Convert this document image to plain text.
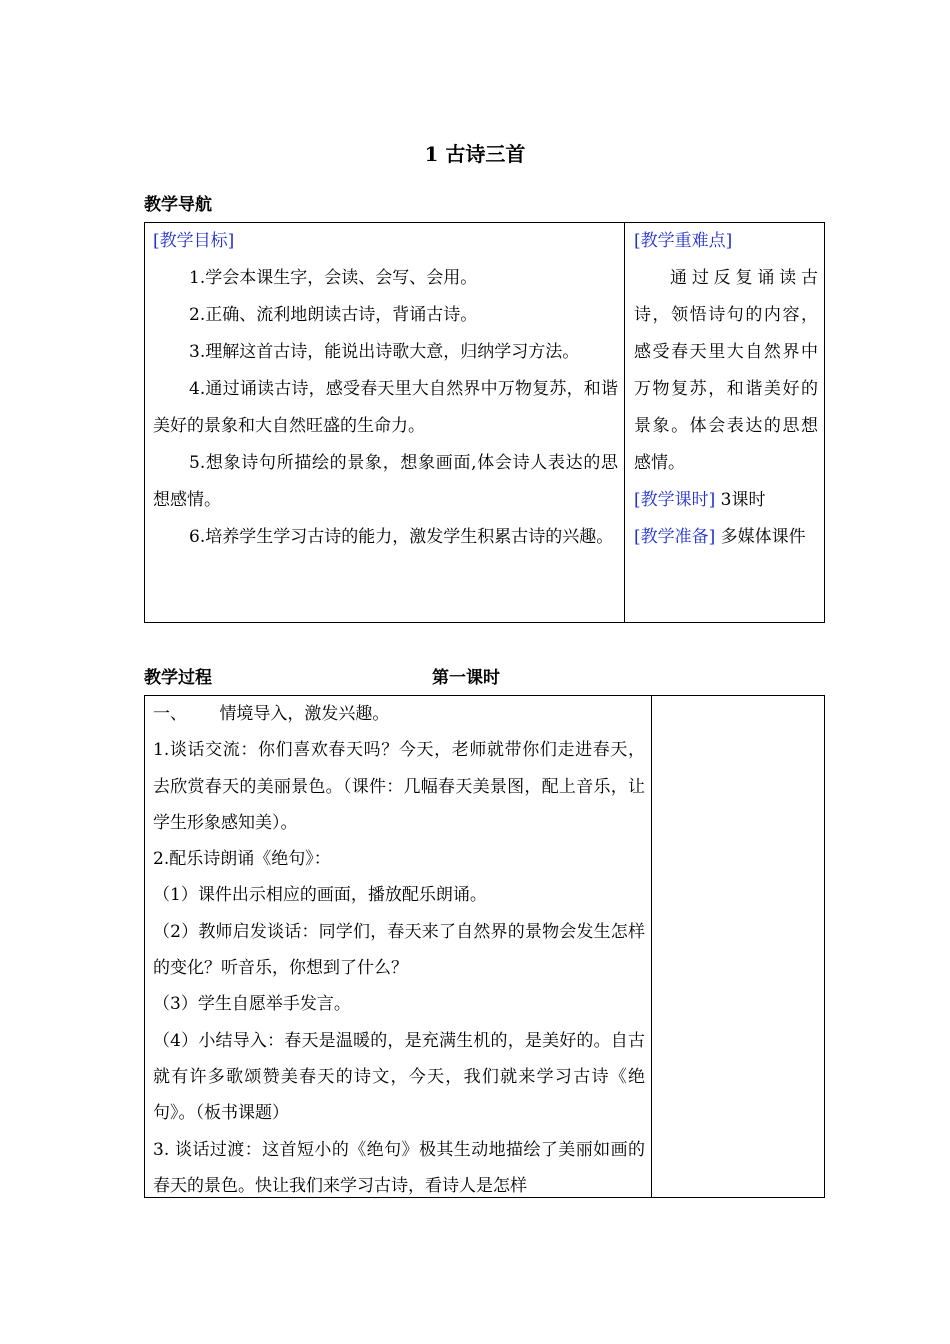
1 古诗三首
教学导航
[教学目标]
1.学会本课生字，会读、会写、会用。
2.正确、流利地朗读古诗，背诵古诗。
3.理解这首古诗，能说出诗歌大意，归纳学习方法。
4.通过诵读古诗，感受春天里大自然界中万物复苏，和谐美好的景象和大自然旺盛的生命力。
5.想象诗句所描绘的景象，想象画面,体会诗人表达的思想感情。
6.培养学生学习古诗的能力，激发学生积累古诗的兴趣。
[教学重难点]
通过反复诵读古诗，领悟诗句的内容，感受春天里大自然界中万物复苏，和谐美好的景象。体会表达的思想感情。
[教学课时] 3课时
[教学准备] 多媒体课件
教学过程	第一课时
一、      情境导入，激发兴趣。
1.谈话交流：你们喜欢春天吗？今天，老师就带你们走进春天，去欣赏春天的美丽景色。（课件：几幅春天美景图，配上音乐，让学生形象感知美）。
2.配乐诗朗诵《绝句》：
（1）课件出示相应的画面，播放配乐朗诵。
（2）教师启发谈话：同学们，春天来了自然界的景物会发生怎样的变化？听音乐，你想到了什么？
（3）学生自愿举手发言。
（4）小结导入：春天是温暖的，是充满生机的，是美好的。自古就有许多歌颂赞美春天的诗文，今天，我们就来学习古诗《绝句》。（板书课题）
3. 谈话过渡：这首短小的《绝句》极其生动地描绘了美丽如画的春天的景色。快让我们来学习古诗，看诗人是怎样
